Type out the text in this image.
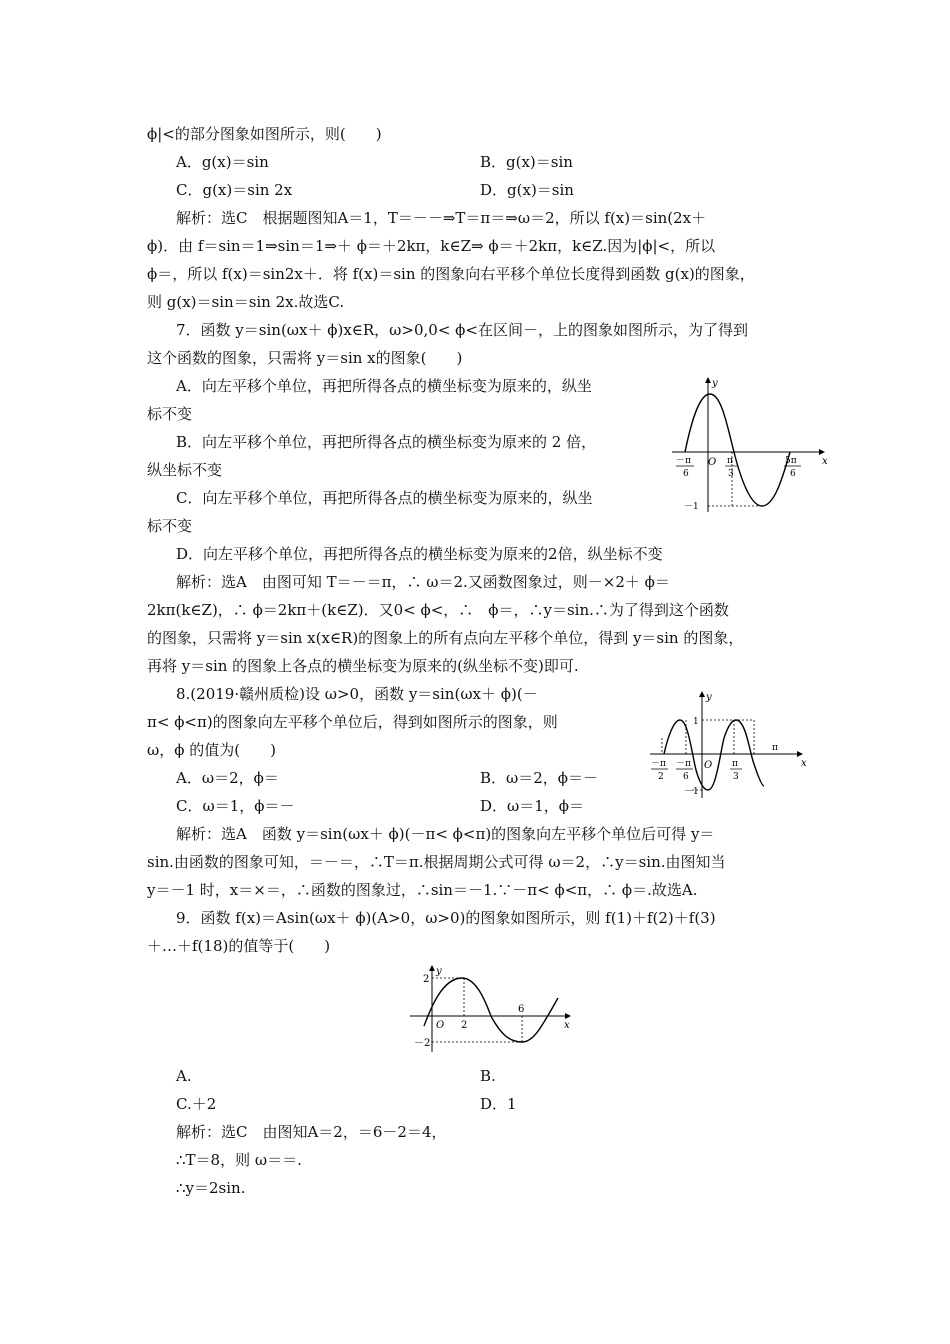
ϕ|<的部分图象如图所示，则(　　)
A．g(x)＝sin	B．g(x)＝sin
C．g(x)＝sin 2x	D．g(x)＝sin
解析：选C　根据题图知A＝1，T＝－－⇒T＝π＝⇒ω＝2，所以 f(x)＝sin(2x＋
ϕ)．由 f＝sin＝1⇒sin＝1⇒＋ ϕ＝＋2kπ，k∈Z⇒ ϕ＝＋2kπ，k∈Z.因为|ϕ|<，所以
ϕ＝，所以 f(x)＝sin2x＋．将 f(x)＝sin 的图象向右平移个单位长度得到函数 g(x)的图象，
则 g(x)＝sin＝sin 2x.故选C.
7．函数 y＝sin(ωx＋ ϕ)x∈R，ω>0,0< ϕ<在区间－，上的图象如图所示，为了得到
这个函数的图象，只需将 y＝sin x的图象(　　)
A．向左平移个单位，再把所得各点的横坐标变为原来的，纵坐
标不变
B．向左平移个单位，再把所得各点的横坐标变为原来的 2 倍，
纵坐标不变
C．向左平移个单位，再把所得各点的横坐标变为原来的，纵坐
标不变
D．向左平移个单位，再把所得各点的横坐标变为原来的2倍，纵坐标不变
解析：选A　由图可知 T＝－＝π，∴ ω＝2.又函数图象过，则－×2＋ ϕ＝
2kπ(k∈Z)，∴ ϕ＝2kπ＋(k∈Z)．又0< ϕ<，∴　ϕ＝，∴y＝sin.∴为了得到这个函数
的图象，只需将 y＝sin x(x∈R)的图象上的所有点向左平移个单位，得到 y＝sin 的图象，
再将 y＝sin 的图象上各点的横坐标变为原来的(纵坐标不变)即可.
y
x
O
－π
6
π
3
5π
6
－1
8.(2019·赣州质检)设 ω>0，函数 y＝sin(ωx＋ ϕ)(－
π< ϕ<π)的图象向左平移个单位后，得到如图所示的图象，则
ω，ϕ 的值为(　　)
A．ω＝2，ϕ＝	B．ω＝2，ϕ＝－
C．ω＝1，ϕ＝－	D．ω＝1，ϕ＝
解析：选A　函数 y＝sin(ωx＋ ϕ)(－π< ϕ<π)的图象向左平移个单位后可得 y＝
sin.由函数的图象可知，＝－＝，∴T＝π.根据周期公式可得 ω＝2，∴y＝sin.由图知当
y＝－1 时，x＝×＝，∴函数的图象过，∴sin＝－1.∵－π< ϕ<π，∴ ϕ＝.故选A.
y
x
O
1
－1
－π
2
－π
6
π
3
π
9．函数 f(x)＝Asin(ωx＋ ϕ)(A>0，ω>0)的图象如图所示，则 f(1)＋f(2)＋f(3)
＋…＋f(18)的值等于(　　)
y
x
O
2
2
6
－2
A.	B.
C.＋2	D．1
解析：选C　由图知A＝2，＝6－2＝4，
∴T＝8，则 ω＝＝.
∴y＝2sin.
